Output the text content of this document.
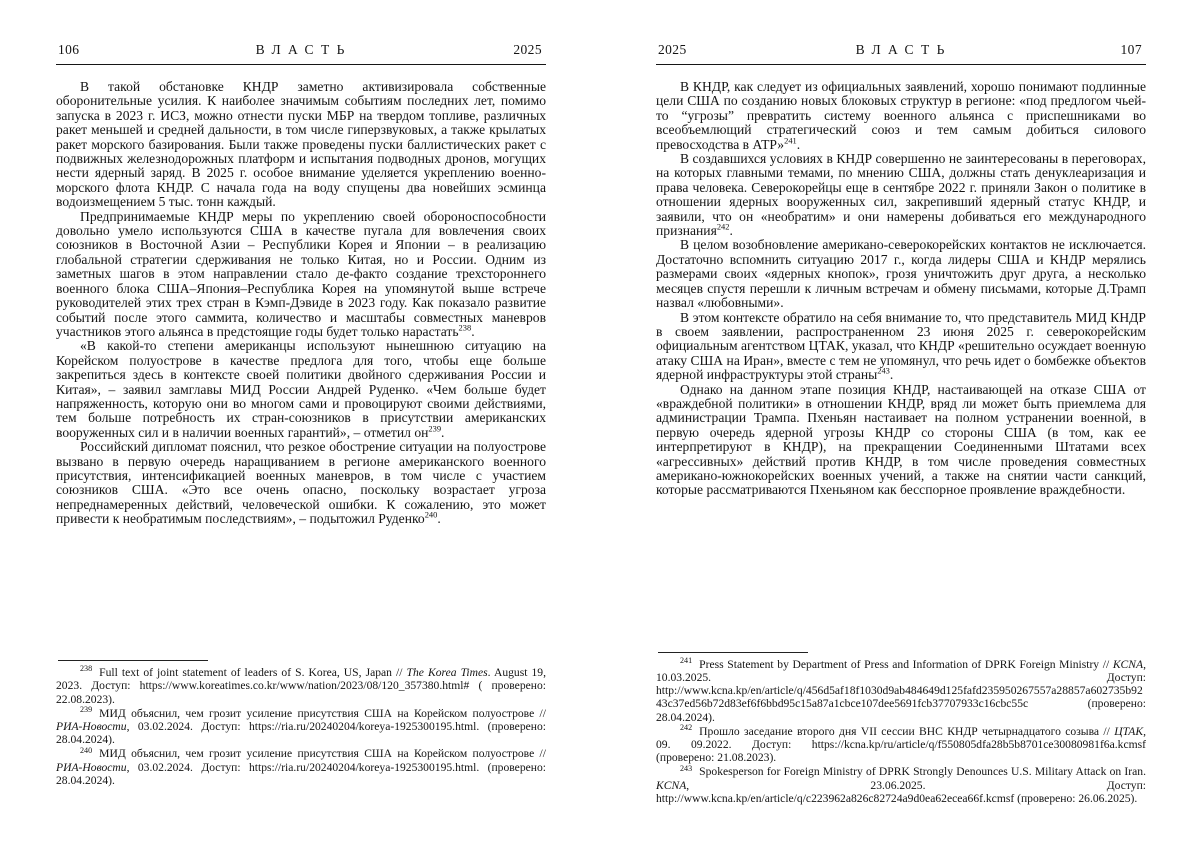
106	ВЛАСТЬ	2025

В такой обстановке КНДР заметно активизировала собственные оборонительные усилия. К наиболее значимым событиям последних лет, помимо запуска в 2023 г. ИСЗ, можно отнести пуски МБР на твердом топливе, различных ракет меньшей и средней дальности, в том числе гиперзвуковых, а также крылатых ракет морского базирования. Были также проведены пуски баллистических ракет с подвижных железнодорожных платформ и испытания подводных дронов, могущих нести ядерный заряд. В 2025 г. особое внимание уделяется укреплению военно-морского флота КНДР. С начала года на воду спущены два новейших эсминца водоизмещением 5 тыс. тонн каждый.

Предпринимаемые КНДР меры по укреплению своей обороноспособности довольно умело используются США в качестве пугала для вовлечения своих союзников в Восточной Азии – Республики Корея и Японии – в реализацию глобальной стратегии сдерживания не только Китая, но и России. Одним из заметных шагов в этом направлении стало де-факто создание трехстороннего военного блока США–Япония–Республика Корея на упомянутой выше встрече руководителей этих трех стран в Кэмп-Дэвиде в 2023 году. Как показало развитие событий после этого саммита, количество и масштабы совместных маневров участников этого альянса в предстоящие годы будет только нарастать$^{238}$.

«В какой-то степени американцы используют нынешнюю ситуацию на Корейском полуострове в качестве предлога для того, чтобы еще больше закрепиться здесь в контексте своей политики двойного сдерживания России и Китая», – заявил замглавы МИД России Андрей Руденко. «Чем больше будет напряженность, которую они во многом сами и провоцируют своими действиями, тем больше потребность их стран-союзников в присутствии американских вооруженных сил и в наличии военных гарантий», – отметил он$^{239}$.

Российский дипломат пояснил, что резкое обострение ситуации на полуострове вызвано в первую очередь наращиванием в регионе американского военного присутствия, интенсификацией военных маневров, в том числе с участием союзников США. «Это все очень опасно, поскольку возрастает угроза непреднамеренных действий, человеческой ошибки. К сожалению, это может привести к необратимым последствиям», – подытожил Руденко$^{240}$.

$^{238}$ Full text of joint statement of leaders of S. Korea, US, Japan // The Korea Times. August 19, 2023. Доступ: https://www.koreatimes.co.kr/www/nation/2023/08/120_357380.html# ( проверено: 22.08.2023).

$^{239}$ МИД объяснил, чем грозит усиление присутствия США на Корейском полуострове // РИА-Новости, 03.02.2024. Доступ: https://ria.ru/20240204/koreya-1925300195.html. (проверено: 28.04.2024).

$^{240}$ МИД объяснил, чем грозит усиление присутствия США на Корейском полуострове // РИА-Новости, 03.02.2024. Доступ: https://ria.ru/20240204/koreya-1925300195.html. (проверено: 28.04.2024).

2025	ВЛАСТЬ	107

В КНДР, как следует из официальных заявлений, хорошо понимают подлинные цели США по созданию новых блоковых структур в регионе: «под предлогом чьей-то “угрозы” превратить систему военного альянса с приспешниками во всеобъемлющий стратегический союз и тем самым добиться силового превосходства в АТР»$^{241}$.

В создавшихся условиях в КНДР совершенно не заинтересованы в переговорах, на которых главными темами, по мнению США, должны стать денуклеаризация и права человека. Северокорейцы еще в сентябре 2022 г. приняли Закон о политике в отношении ядерных вооруженных сил, закрепивший ядерный статус КНДР, и заявили, что он «необратим» и они намерены добиваться его международного признания$^{242}$.

В целом возобновление американо-северокорейских контактов не исключается. Достаточно вспомнить ситуацию 2017 г., когда лидеры США и КНДР мерялись размерами своих «ядерных кнопок», грозя уничтожить друг друга, а несколько месяцев спустя перешли к личным встречам и обмену письмами, которые Д.Трамп назвал «любовными».

В этом контексте обратило на себя внимание то, что представитель МИД КНДР в своем заявлении, распространенном 23 июня 2025 г. северокорейским официальным агентством ЦТАК, указал, что КНДР «решительно осуждает военную атаку США на Иран», вместе с тем не упомянул, что речь идет о бомбежке объектов ядерной инфраструктуры этой страны$^{243}$.

Однако на данном этапе позиция КНДР, настаивающей на отказе США от «враждебной политики» в отношении КНДР, вряд ли может быть приемлема для администрации Трампа. Пхеньян настаивает на полном устранении военной, в первую очередь ядерной угрозы КНДР со стороны США (в том, как ее интерпретируют в КНДР), на прекращении Соединенными Штатами всех «агрессивных» действий против КНДР, в том числе проведения совместных американо-южнокорейских военных учений, а также на снятии части санкций, которые рассматриваются Пхеньяном как бесспорное проявление враждебности.

$^{241}$ Press Statement by Department of Press and Information of DPRK Foreign Ministry // KCNA, 10.03.2025. Доступ: http://www.kcna.kp/en/article/q/456d5af18f1030d9ab484649d125fafd235950267557a28857a602735b9243c37ed56b72d83ef6f6bbd95c15a87a1cbce107dee5691fcb37707933c16cbc55c (проверено: 28.04.2024).

$^{242}$ Прошло заседание второго дня VII сессии ВНС КНДР четырнадцатого созыва // ЦТАК, 09. 09.2022. Доступ: https://kcna.kp/ru/article/q/f550805dfa28b5b8701ce30080981f6a.kcmsf (проверено: 21.08.2023).

$^{243}$ Spokesperson for Foreign Ministry of DPRK Strongly Denounces U.S. Military Attack on Iran. KCNA, 23.06.2025. Доступ: http://www.kcna.kp/en/article/q/c223962a826c82724a9d0ea62ecea66f.kcmsf (проверено: 26.06.2025).
